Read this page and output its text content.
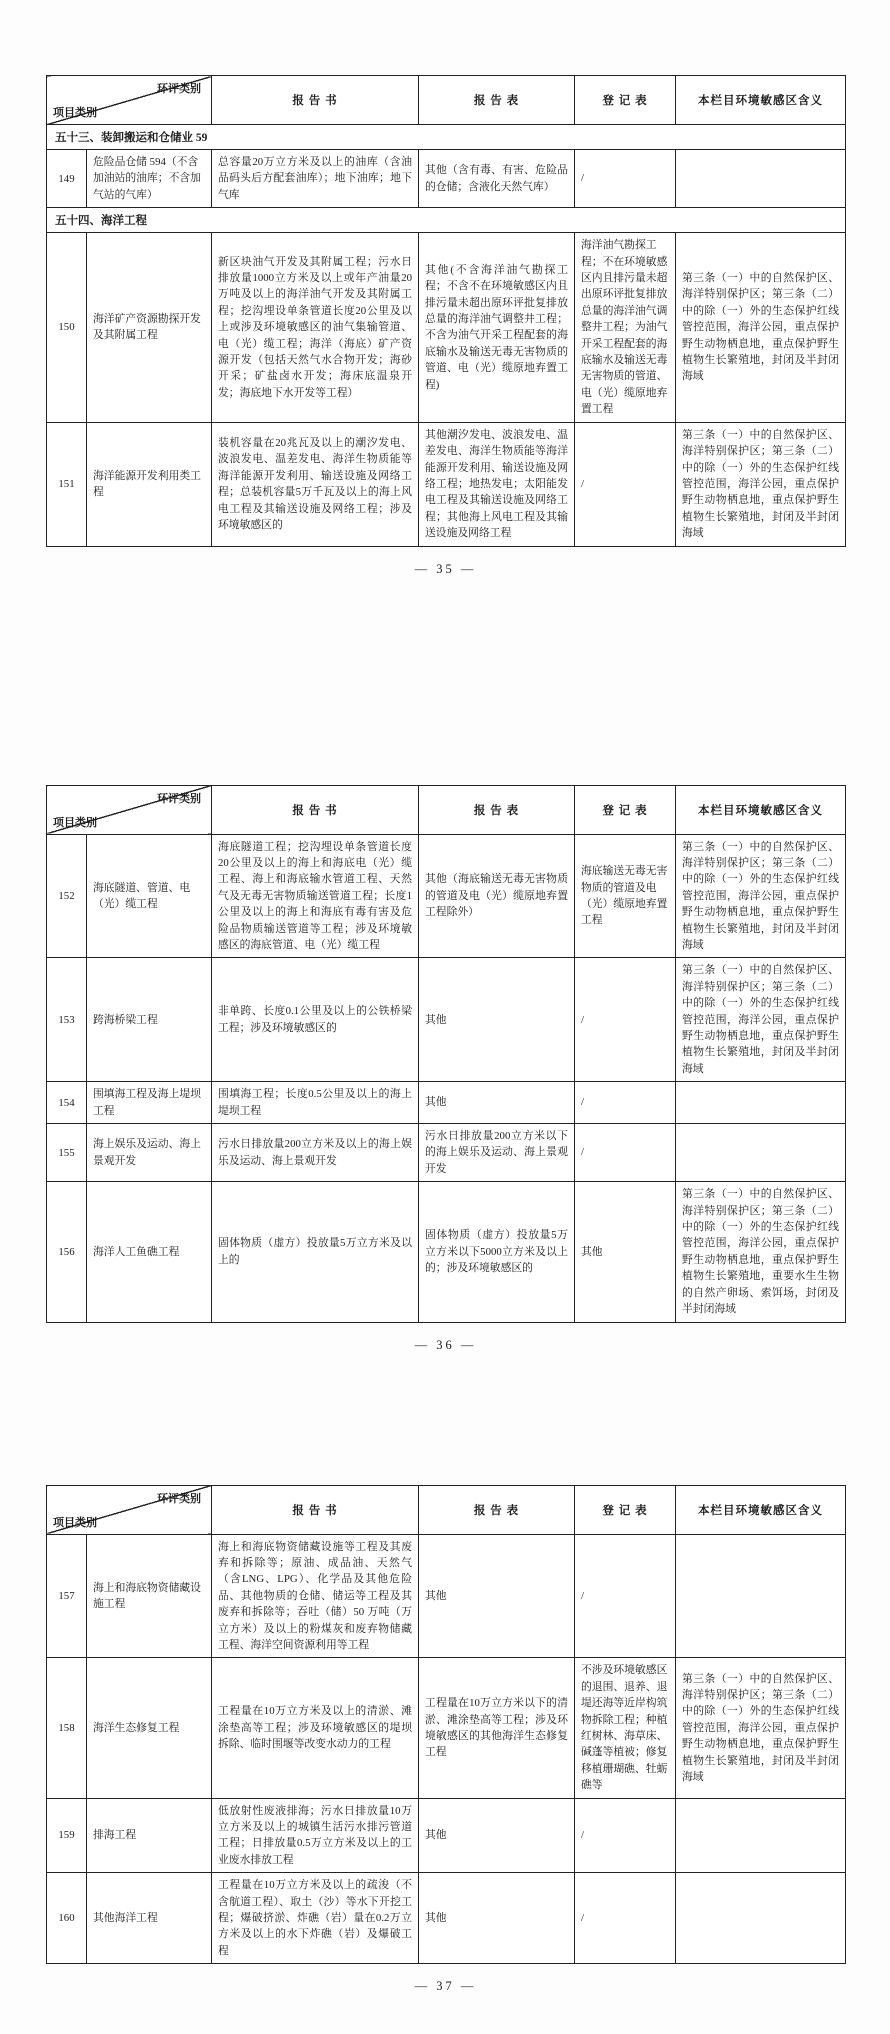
环评类别
项目类别		报 告 书	报 告 表	登 记 表	本栏目环境敏感区含义
五十三、装卸搬运和仓储业 59					
149	危险品仓储 594（不含加油站的油库；不含加气站的气库）	总容量20万立方米及以上的油库（含油品码头后方配套油库）；地下油库；地下气库	其他（含有毒、有害、危险品的仓储；含液化天然气库）	/	
五十四、海洋工程					
150	海洋矿产资源勘探开发及其附属工程	新区块油气开发及其附属工程；污水日排放量1000立方米及以上或年产油量20万吨及以上的海洋油气开发及其附属工程；挖沟埋设单条管道长度20公里及以上或涉及环境敏感区的油气集输管道、电（光）缆工程；海洋（海底）矿产资源开发（包括天然气水合物开发；海砂开采；矿盐卤水开发；海床底温泉开发；海底地下水开发等工程）	其他(不含海洋油气勘探工程；不含不在环境敏感区内且排污量未超出原环评批复排放总量的海洋油气调整井工程；不含为油气开采工程配套的海底输水及输送无毒无害物质的管道、电（光）缆原地弃置工程)	海洋油气勘探工程；不在环境敏感区内且排污量未超出原环评批复排放总量的海洋油气调整井工程；为油气开采工程配套的海底输水及输送无毒无害物质的管道、电（光）缆原地弃置工程	第三条（一）中的自然保护区、海洋特别保护区；第三条（二）中的除（一）外的生态保护红线管控范围，海洋公园，重点保护野生动物栖息地，重点保护野生植物生长繁殖地，封闭及半封闭海域
151	海洋能源开发利用类工程	装机容量在20兆瓦及以上的潮汐发电、波浪发电、温差发电、海洋生物质能等海洋能源开发利用、输送设施及网络工程；总装机容量5万千瓦及以上的海上风电工程及其输送设施及网络工程；涉及环境敏感区的	其他潮汐发电、波浪发电、温差发电、海洋生物质能等海洋能源开发利用、输送设施及网络工程；地热发电；太阳能发电工程及其输送设施及网络工程；其他海上风电工程及其输送设施及网络工程	/	第三条（一）中的自然保护区、海洋特别保护区；第三条（二）中的除（一）外的生态保护红线管控范围，海洋公园，重点保护野生动物栖息地，重点保护野生植物生长繁殖地，封闭及半封闭海域
— 35 —
环评类别
项目类别		报 告 书	报 告 表	登 记 表	本栏目环境敏感区含义
152	海底隧道、管道、电（光）缆工程	海底隧道工程；挖沟埋设单条管道长度20公里及以上的海上和海底电（光）缆工程、海上和海底输水管道工程、天然气及无毒无害物质输送管道工程；长度1公里及以上的海上和海底有毒有害及危险品物质输送管道等工程；涉及环境敏感区的海底管道、电（光）缆工程	其他（海底输送无毒无害物质的管道及电（光）缆原地弃置工程除外）	海底输送无毒无害物质的管道及电（光）缆原地弃置工程	第三条（一）中的自然保护区、海洋特别保护区；第三条（二）中的除（一）外的生态保护红线管控范围，海洋公园，重点保护野生动物栖息地，重点保护野生植物生长繁殖地，封闭及半封闭海域
153	跨海桥梁工程	非单跨、长度0.1公里及以上的公铁桥梁工程；涉及环境敏感区的	其他	/	第三条（一）中的自然保护区、海洋特别保护区；第三条（二）中的除（一）外的生态保护红线管控范围，海洋公园，重点保护野生动物栖息地，重点保护野生植物生长繁殖地，封闭及半封闭海域
154	围填海工程及海上堤坝工程	围填海工程；长度0.5公里及以上的海上堤坝工程	其他	/	
155	海上娱乐及运动、海上景观开发	污水日排放量200立方米及以上的海上娱乐及运动、海上景观开发	污水日排放量200立方米以下的海上娱乐及运动、海上景观开发	/	
156	海洋人工鱼礁工程	固体物质（虚方）投放量5万立方米及以上的	固体物质（虚方）投放量5万立方米以下5000立方米及以上的；涉及环境敏感区的	其他	第三条（一）中的自然保护区、海洋特别保护区；第三条（二）中的除（一）外的生态保护红线管控范围，海洋公园，重点保护野生动物栖息地，重点保护野生植物生长繁殖地，重要水生生物的自然产卵场、索饵场，封闭及半封闭海域
— 36 —
环评类别
项目类别		报 告 书	报 告 表	登 记 表	本栏目环境敏感区含义
157	海上和海底物资储藏设施工程	海上和海底物资储藏设施等工程及其废弃和拆除等；原油、成品油、天然气（含LNG、LPG）、化学品及其他危险品、其他物质的仓储、储运等工程及其废弃和拆除等；吞吐（储）50 万吨（万立方米）及以上的粉煤灰和废弃物储藏工程、海洋空间资源利用等工程	其他	/	
158	海洋生态修复工程	工程量在10万立方米及以上的清淤、滩涂垫高等工程；涉及环境敏感区的堤坝拆除、临时围堰等改变水动力的工程	工程量在10万立方米以下的清淤、滩涂垫高等工程；涉及环境敏感区的其他海洋生态修复工程	不涉及环境敏感区的退围、退养、退堤还海等近岸构筑物拆除工程；种植红树林、海草床、碱蓬等植被；修复移植珊瑚礁、牡蛎礁等	第三条（一）中的自然保护区、海洋特别保护区；第三条（二）中的除（一）外的生态保护红线管控范围，海洋公园，重点保护野生动物栖息地，重点保护野生植物生长繁殖地，封闭及半封闭海域
159	排海工程	低放射性废液排海；污水日排放量10万立方米及以上的城镇生活污水排污管道工程；日排放量0.5万立方米及以上的工业废水排放工程	其他	/	
160	其他海洋工程	工程量在10万立方米及以上的疏浚（不含航道工程）、取土（沙）等水下开挖工程；爆破挤淤、炸礁（岩）量在0.2万立方米及以上的水下炸礁（岩）及爆破工程	其他	/	
— 37 —
